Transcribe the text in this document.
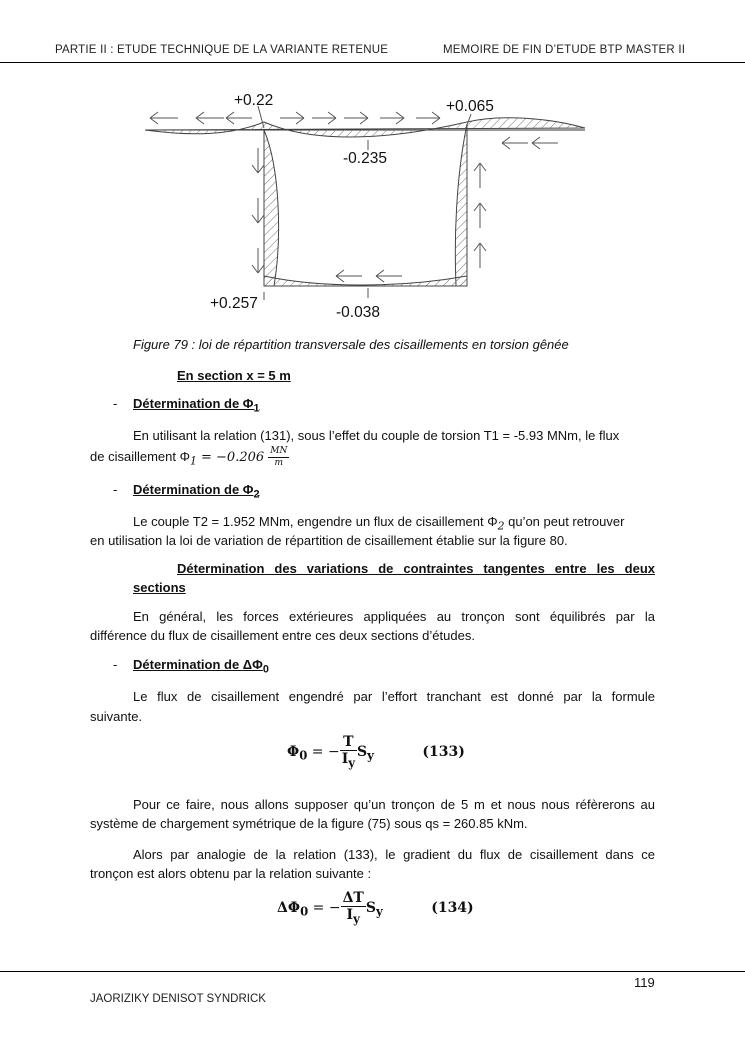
PARTIE II : ETUDE TECHNIQUE DE LA VARIANTE RETENUE	MEMOIRE DE FIN D’ETUDE BTP MASTER II
+0.22	+0.065
-0.235
+0.257
-0.038
Figure 79 : loi de répartition transversale des cisaillements en torsion gênée
En section x = 5 m
- Détermination de $\Phi_1$
En utilisant la relation (131), sous l’effet du couple de torsion T1 = -5.93 MNm, le flux
de cisaillement $\Phi_1 = -0.206 \frac{MN}{m}$
- Détermination de $\Phi_2$
Le couple T2 = 1.952 MNm, engendre un flux de cisaillement $\Phi_2$ qu’on peut retrouver
en utilisation la loi de variation de répartition de cisaillement établie sur la figure 80.
Détermination des variations de contraintes tangentes entre les deux
sections
En général, les forces extérieures appliquées au tronçon sont équilibrés par la
différence du flux de cisaillement entre ces deux sections d’études.
- Détermination de $\Delta\Phi_0$
Le flux de cisaillement engendré par l’effort tranchant est donné par la formule
suivante.
$\Phi_0$ = − $\frac{T}{I_y} S_y$	(133)
Pour ce faire, nous allons supposer qu’un tronçon de 5 m et nous nous réfèrerons au
système de chargement symétrique de la figure (75) sous qs = 260.85 kNm.
Alors par analogie de la relation (133), le gradient du flux de cisaillement dans ce
tronçon est alors obtenu par la relation suivante :
$\Delta\Phi_0$ = − $\frac{\Delta T}{I_y} S_y$	(134)
119
JAORIZIKY DENISOT SYNDRICK
